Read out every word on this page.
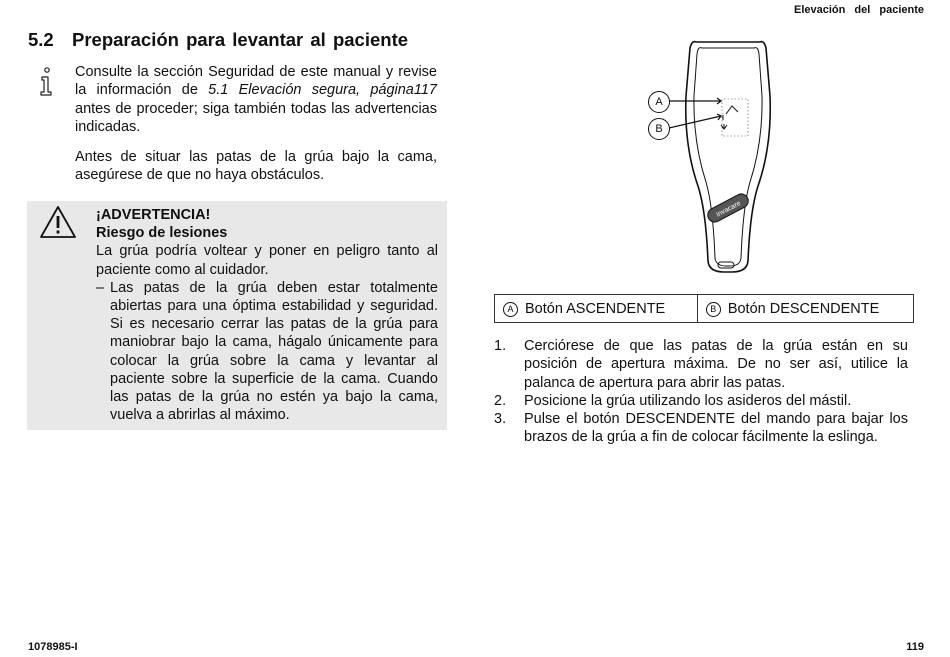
Elevación del paciente
5.2 Preparación para levantar al paciente
Consulte la sección Seguridad de este manual y revise la información de 5.1 Elevación segura, página117 antes de proceder; siga también todas las advertencias indicadas.
Antes de situar las patas de la grúa bajo la cama, asegúrese de que no haya obstáculos.
¡ADVERTENCIA!
Riesgo de lesiones
La grúa podría voltear y poner en peligro tanto al paciente como al cuidador.
– Las patas de la grúa deben estar totalmente abiertas para una óptima estabilidad y seguridad. Si es necesario cerrar las patas de la grúa para maniobrar bajo la cama, hágalo únicamente para colocar la grúa sobre la cama y levantar al paciente sobre la superficie de la cama. Cuando las patas de la grúa no estén ya bajo la cama, vuelva a abrirlas al máximo.
invacare
A
B
A Botón ASCENDENTE	B Botón DESCENDENTE
1.	Cerciórese de que las patas de la grúa están en su posición de apertura máxima. De no ser así, utilice la palanca de apertura para abrir las patas.
2.	Posicione la grúa utilizando los asideros del mástil.
3.	Pulse el botón DESCENDENTE del mando para bajar los brazos de la grúa a fin de colocar fácilmente la eslinga.
1078985-I	119
